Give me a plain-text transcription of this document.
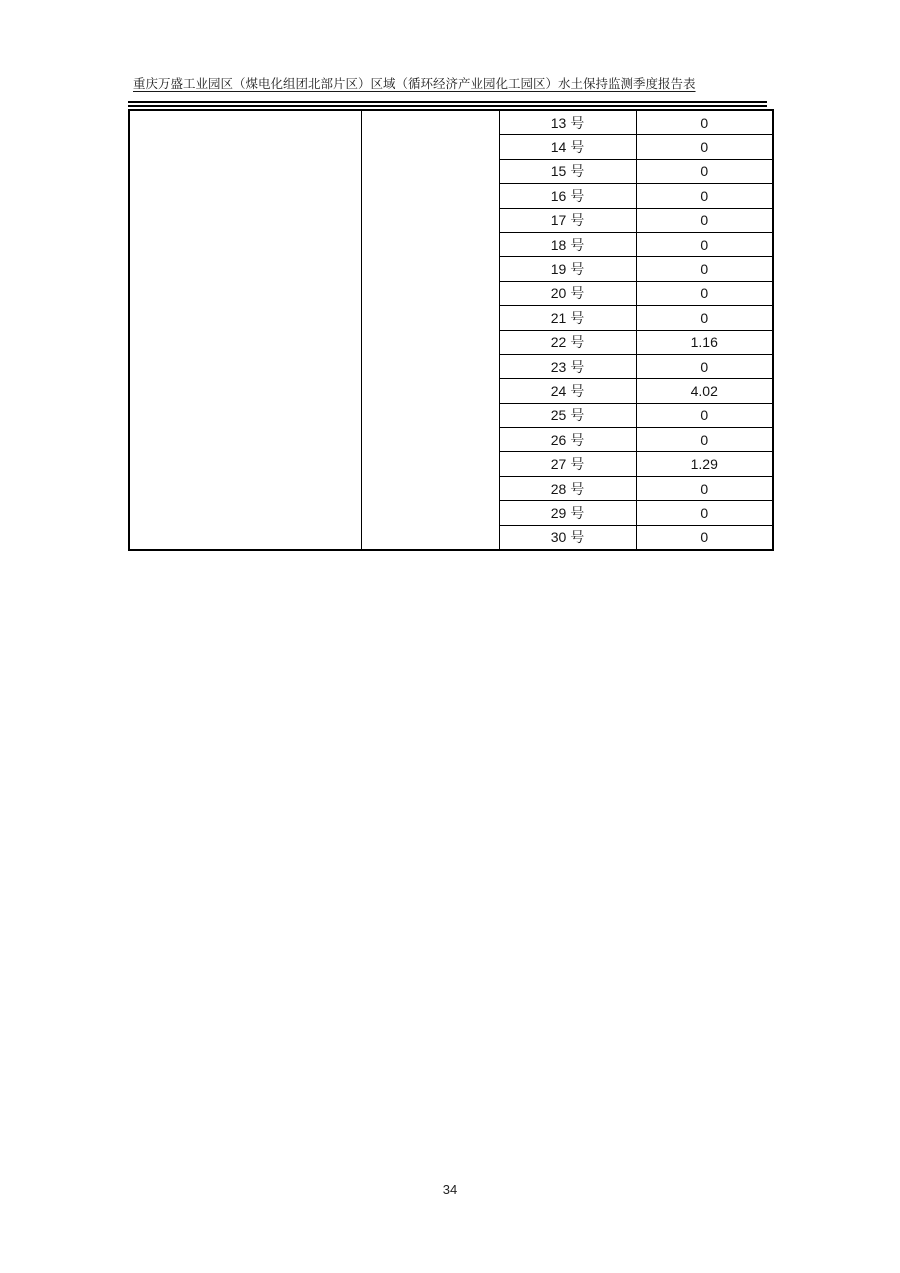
重庆万盛工业园区（煤电化组团北部片区）区域（循环经济产业园化工园区）水土保持监测季度报告表
		13 号	0
		14 号	0
		15 号	0
		16 号	0
		17 号	0
		18 号	0
		19 号	0
		20 号	0
		21 号	0
		22 号	1.16
		23 号	0
		24 号	4.02
		25 号	0
		26 号	0
		27 号	1.29
		28 号	0
		29 号	0
		30 号	0
34
